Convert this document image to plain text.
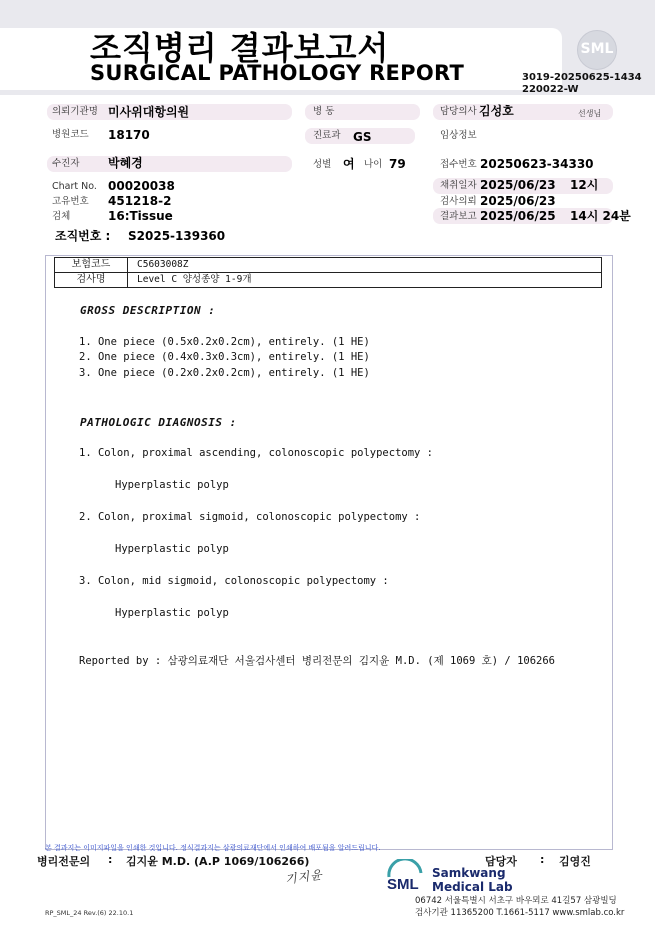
조직병리 결과보고서
SURGICAL PATHOLOGY REPORT
SML
3019-20250625-1434
220022-W
의뢰기관명 미사위대항의원	병 동	담당의사 김성호	선생님
병원코드 18170	진료과 GS	임상정보
수진자 박혜경	성별 여 나이 79	접수번호 20250623-34330
Chart No. 00020038
고유번호 451218-2
검체	16:Tissue
채취일자 2025/06/23 12시
검사의뢰 2025/06/23
결과보고 2025/06/25 14시 24분
조직번호 : S2025-139360
보험코드	C5603008Z
검사명	Level C 양성종양 1-9개
GROSS DESCRIPTION :
1. One piece (0.5x0.2x0.2cm), entirely. (1 HE)
2. One piece (0.4x0.3x0.3cm), entirely. (1 HE)
3. One piece (0.2x0.2x0.2cm), entirely. (1 HE)
PATHOLOGIC DIAGNOSIS :
1. Colon, proximal ascending, colonoscopic polypectomy :
Hyperplastic polyp
2. Colon, proximal sigmoid, colonoscopic polypectomy :
Hyperplastic polyp
3. Colon, mid sigmoid, colonoscopic polypectomy :
Hyperplastic polyp
Reported by : 삼광의료재단 서울검사센터 병리전문의 김지윤 M.D. (제 1069 호) / 106266
본 결과지는 이미지파일을 인쇄한 것입니다. 정식결과지는 삼광의료재단에서 인쇄하여 배포됨을 알려드립니다.
병리전문의 : 김지윤 M.D. (A.P 1069/106266)
기지윤
담당자 : 김영진
SML
Samkwang
Medical Lab
06742 서울특별시 서초구 바우뫼로 41길57 삼광빌딩
검사기관 11365200 T.1661-5117 www.smlab.co.kr
RP_SML_24 Rev.(6) 22.10.1
